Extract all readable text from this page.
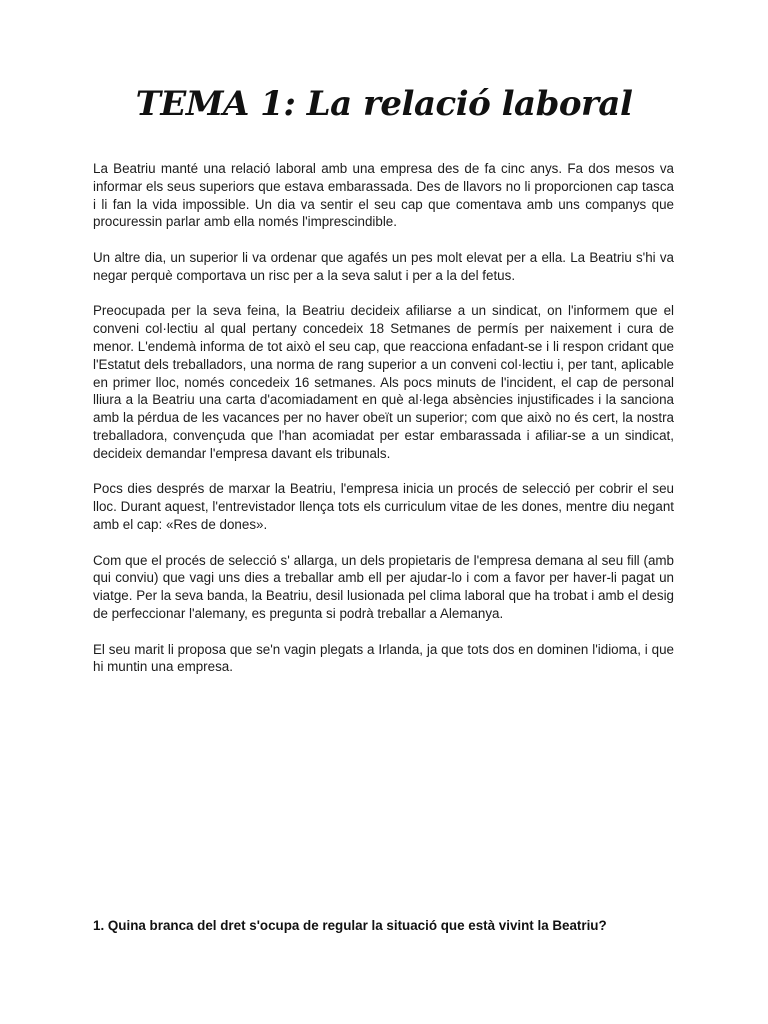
TEMA 1: La relació laboral

La Beatriu manté una relació laboral amb una empresa des de fa cinc anys. Fa dos mesos va informar els seus superiors que estava embarassada. Des de llavors no li proporcionen cap tasca i li fan la vida impossible. Un dia va sentir el seu cap que comentava amb uns companys que procuressin parlar amb ella només l'imprescindible.

Un altre dia, un superior li va ordenar que agafés un pes molt elevat per a ella. La Beatriu s'hi va negar perquè comportava un risc per a la seva salut i per a la del fetus.

Preocupada per la seva feina, la Beatriu decideix afiliarse a un sindicat, on l'informem que el conveni col·lectiu al qual pertany concedeix 18 Setmanes de permís per naixement i cura de menor. L'endemà informa de tot això el seu cap, que reacciona enfadant-se i li respon cridant que l'Estatut dels treballadors, una norma de rang superior a un conveni col·lectiu i, per tant, aplicable en primer lloc, només concedeix 16 setmanes. Als pocs minuts de l'incident, el cap de personal lliura a la Beatriu una carta d'acomiadament en què al·lega absències injustificades i la sanciona amb la pérdua de les vacances per no haver obeït un superior; com que això no és cert, la nostra treballadora, convençuda que l'han acomiadat per estar embarassada i afiliar-se a un sindicat, decideix demandar l'empresa davant els tribunals.

Pocs dies després de marxar la Beatriu, l'empresa inicia un procés de selecció per cobrir el seu lloc. Durant aquest, l'entrevistador llença tots els curriculum vitae de les dones, mentre diu negant amb el cap: «Res de dones».

Com que el procés de selecció s' allarga, un dels propietaris de l'empresa demana al seu fill (amb qui conviu) que vagi uns dies a treballar amb ell per ajudar-lo i com a favor per haver-li pagat un viatge. Per la seva banda, la Beatriu, desil lusionada pel clima laboral que ha trobat i amb el desig de perfeccionar l'alemany, es pregunta si podrà treballar a Alemanya.

El seu marit li proposa que se'n vagin plegats a Irlanda, ja que tots dos en dominen l'idioma, i que hi muntin una empresa.

1. Quina branca del dret s'ocupa de regular la situació que està vivint la Beatriu?
